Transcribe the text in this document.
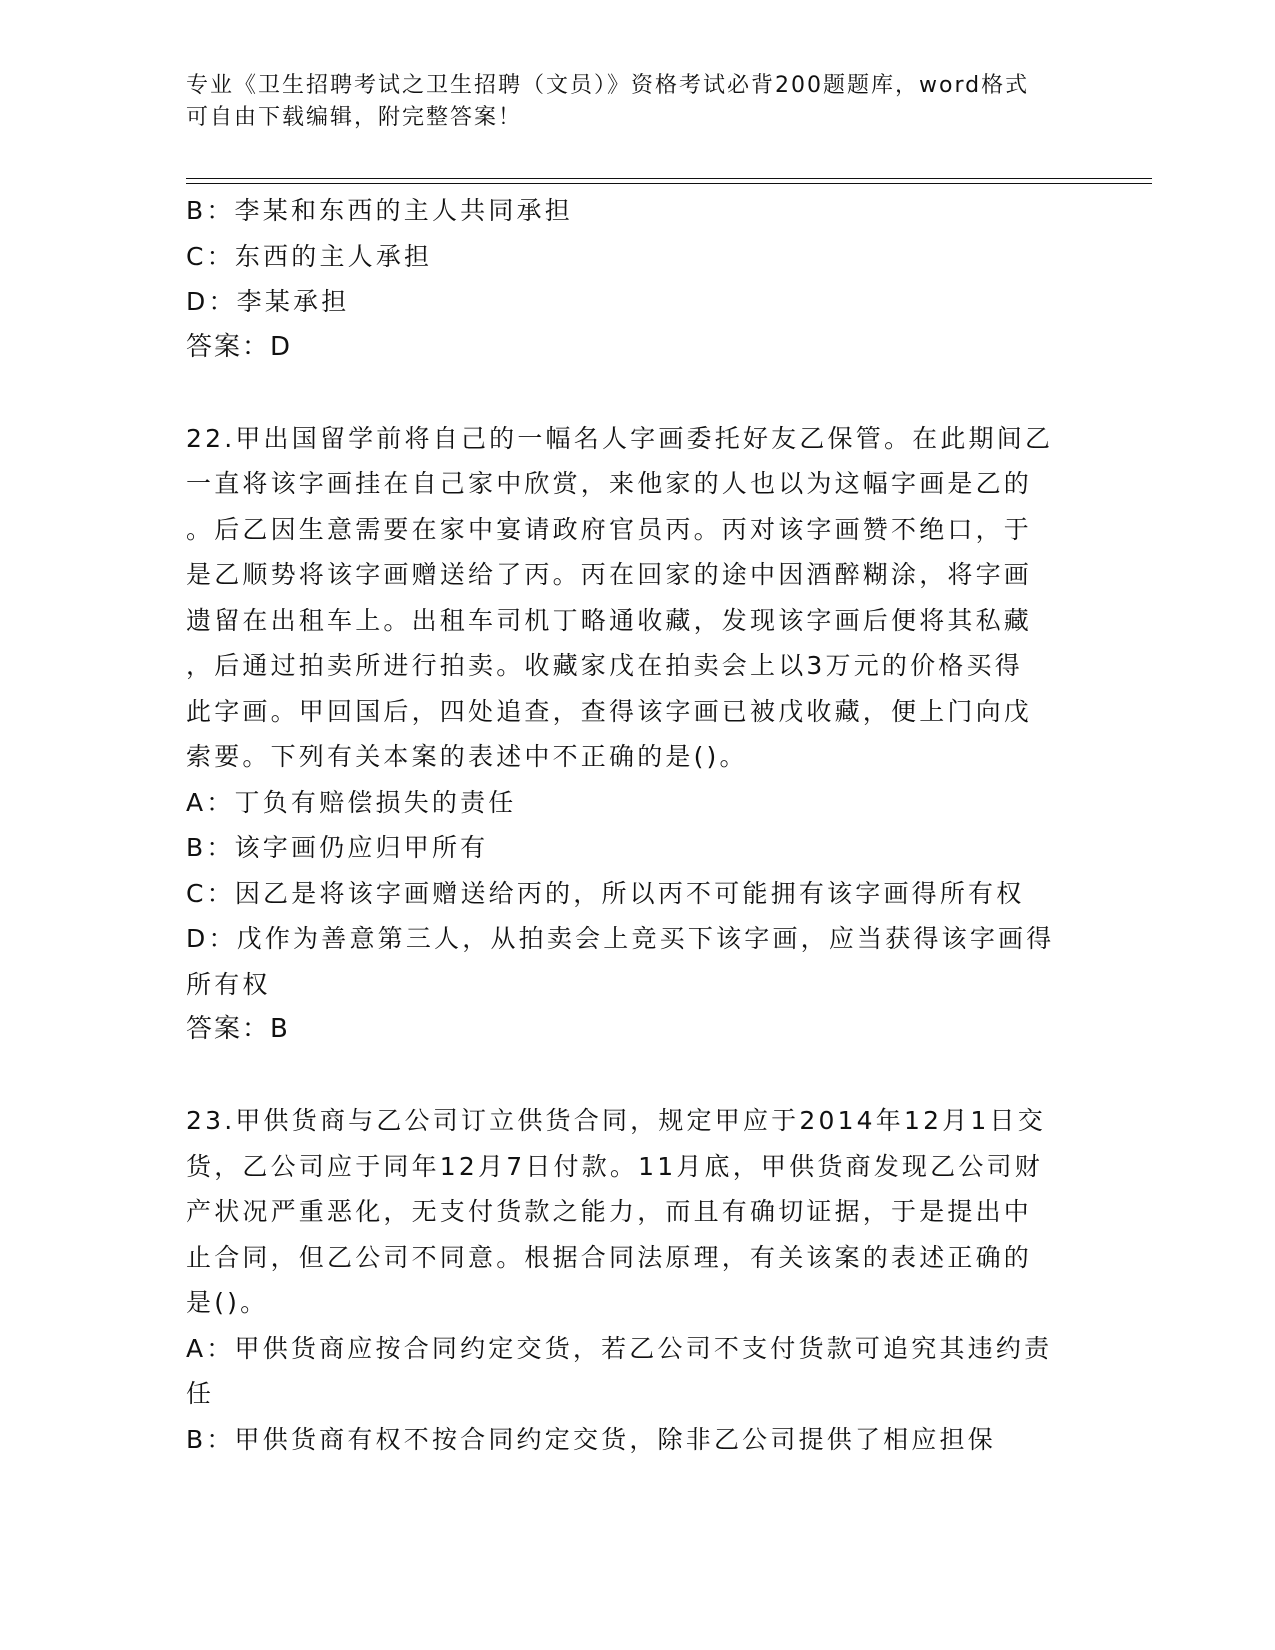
专业《卫生招聘考试之卫生招聘（文员）》资格考试必背200题题库，word格式
可自由下载编辑，附完整答案！
B：李某和东西的主人共同承担
C：东西的主人承担
D：李某承担
答案：D
22.甲出国留学前将自己的一幅名人字画委托好友乙保管。在此期间乙
一直将该字画挂在自己家中欣赏，来他家的人也以为这幅字画是乙的
。后乙因生意需要在家中宴请政府官员丙。丙对该字画赞不绝口，于
是乙顺势将该字画赠送给了丙。丙在回家的途中因酒醉糊涂，将字画
遗留在出租车上。出租车司机丁略通收藏，发现该字画后便将其私藏
，后通过拍卖所进行拍卖。收藏家戊在拍卖会上以3万元的价格买得
此字画。甲回国后，四处追查，查得该字画已被戊收藏，便上门向戊
索要。下列有关本案的表述中不正确的是()。
A：丁负有赔偿损失的责任
B：该字画仍应归甲所有
C：因乙是将该字画赠送给丙的，所以丙不可能拥有该字画得所有权
D：戊作为善意第三人，从拍卖会上竞买下该字画，应当获得该字画得
所有权
答案：B
23.甲供货商与乙公司订立供货合同，规定甲应于2014年12月1日交
货，乙公司应于同年12月7日付款。11月底，甲供货商发现乙公司财
产状况严重恶化，无支付货款之能力，而且有确切证据，于是提出中
止合同，但乙公司不同意。根据合同法原理，有关该案的表述正确的
是()。
A：甲供货商应按合同约定交货，若乙公司不支付货款可追究其违约责
任
B：甲供货商有权不按合同约定交货，除非乙公司提供了相应担保
